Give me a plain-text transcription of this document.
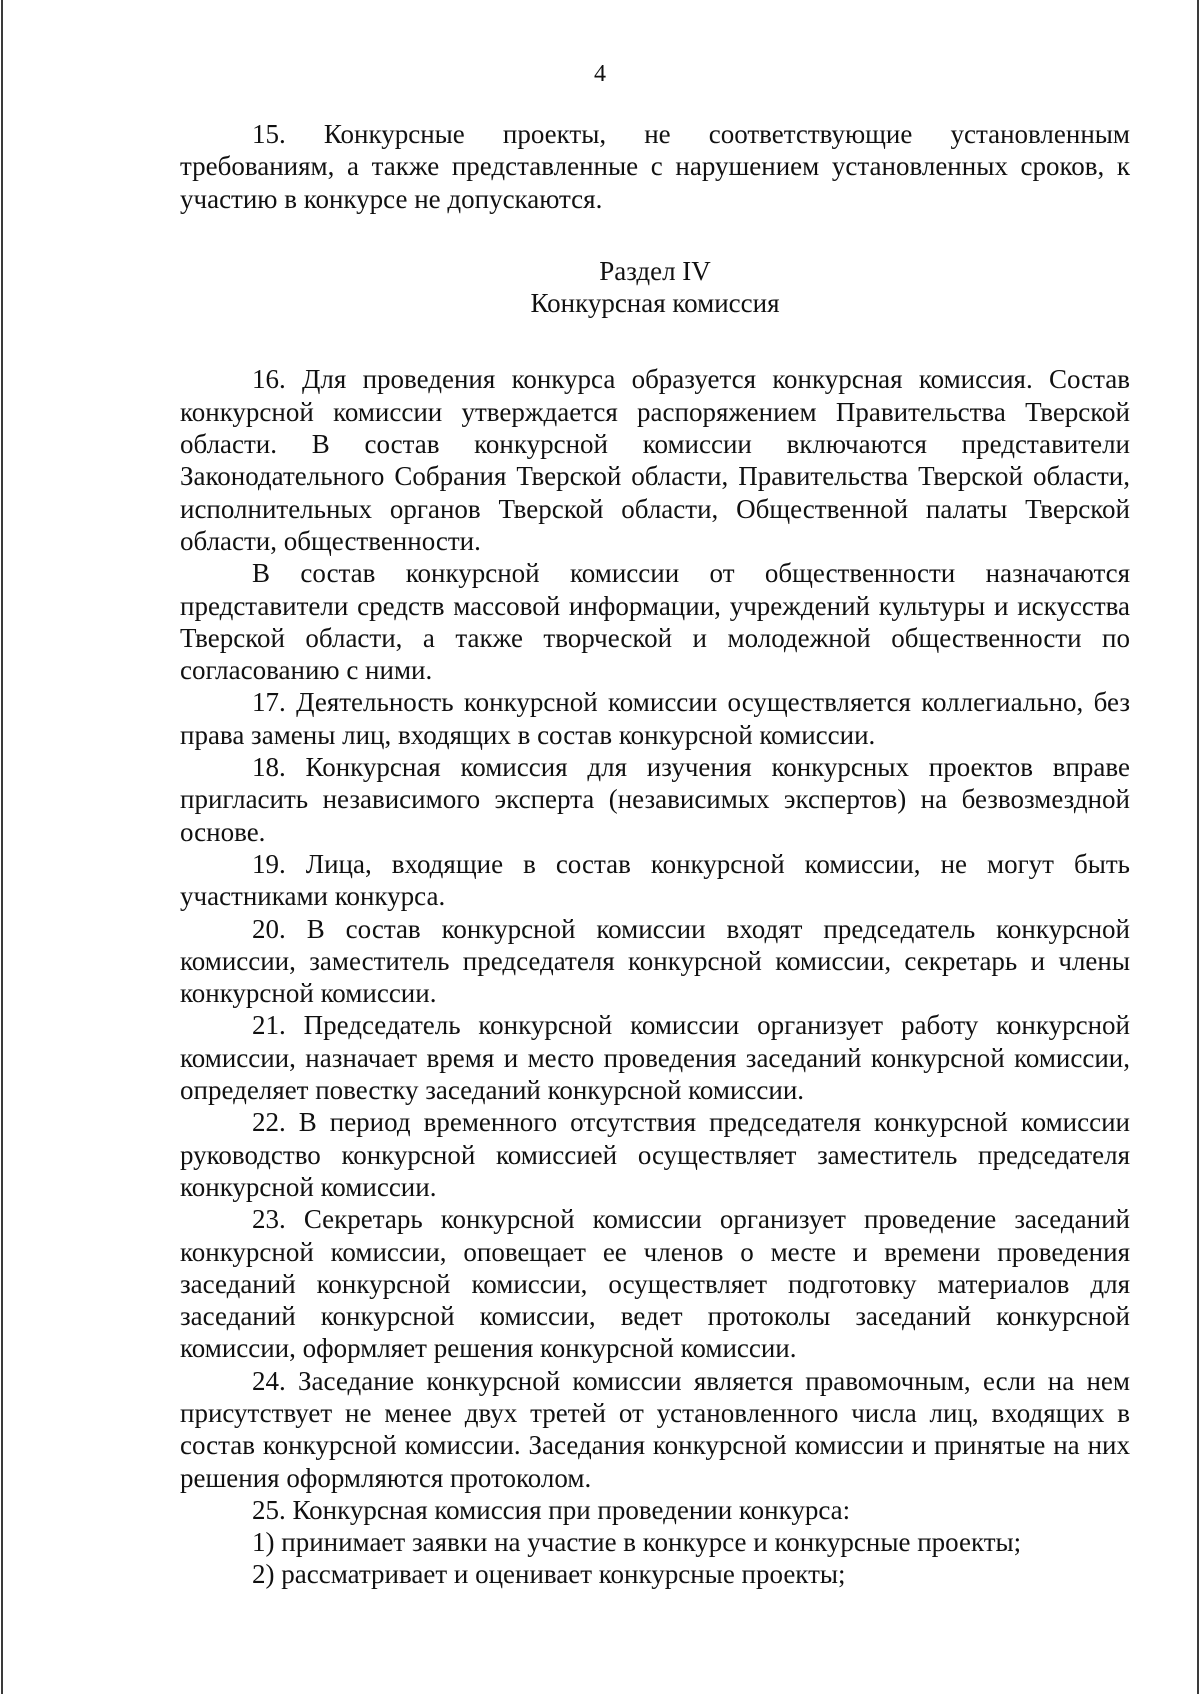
4

15. Конкурсные проекты, не соответствующие установленным требованиям, а также представленные с нарушением установленных сроков, к участию в конкурсе не допускаются.

Раздел IV
Конкурсная комиссия

16. Для проведения конкурса образуется конкурсная комиссия. Состав конкурсной комиссии утверждается распоряжением Правительства Тверской области. В состав конкурсной комиссии включаются представители Законодательного Собрания Тверской области, Правительства Тверской области, исполнительных органов Тверской области, Общественной палаты Тверской области, общественности.

В состав конкурсной комиссии от общественности назначаются представители средств массовой информации, учреждений культуры и искусства Тверской области, а также творческой и молодежной общественности по согласованию с ними.

17. Деятельность конкурсной комиссии осуществляется коллегиально, без права замены лиц, входящих в состав конкурсной комиссии.

18. Конкурсная комиссия для изучения конкурсных проектов вправе пригласить независимого эксперта (независимых экспертов) на безвозмездной основе.

19. Лица, входящие в состав конкурсной комиссии, не могут быть участниками конкурса.

20. В состав конкурсной комиссии входят председатель конкурсной комиссии, заместитель председателя конкурсной комиссии, секретарь и члены конкурсной комиссии.

21. Председатель конкурсной комиссии организует работу конкурсной комиссии, назначает время и место проведения заседаний конкурсной комиссии, определяет повестку заседаний конкурсной комиссии.

22. В период временного отсутствия председателя конкурсной комиссии руководство конкурсной комиссией осуществляет заместитель председателя конкурсной комиссии.

23. Секретарь конкурсной комиссии организует проведение заседаний конкурсной комиссии, оповещает ее членов о месте и времени проведения заседаний конкурсной комиссии, осуществляет подготовку материалов для заседаний конкурсной комиссии, ведет протоколы заседаний конкурсной комиссии, оформляет решения конкурсной комиссии.

24. Заседание конкурсной комиссии является правомочным, если на нем присутствует не менее двух третей от установленного числа лиц, входящих в состав конкурсной комиссии. Заседания конкурсной комиссии и принятые на них решения оформляются протоколом.

25. Конкурсная комиссия при проведении конкурса:

1) принимает заявки на участие в конкурсе и конкурсные проекты;

2) рассматривает и оценивает конкурсные проекты;
